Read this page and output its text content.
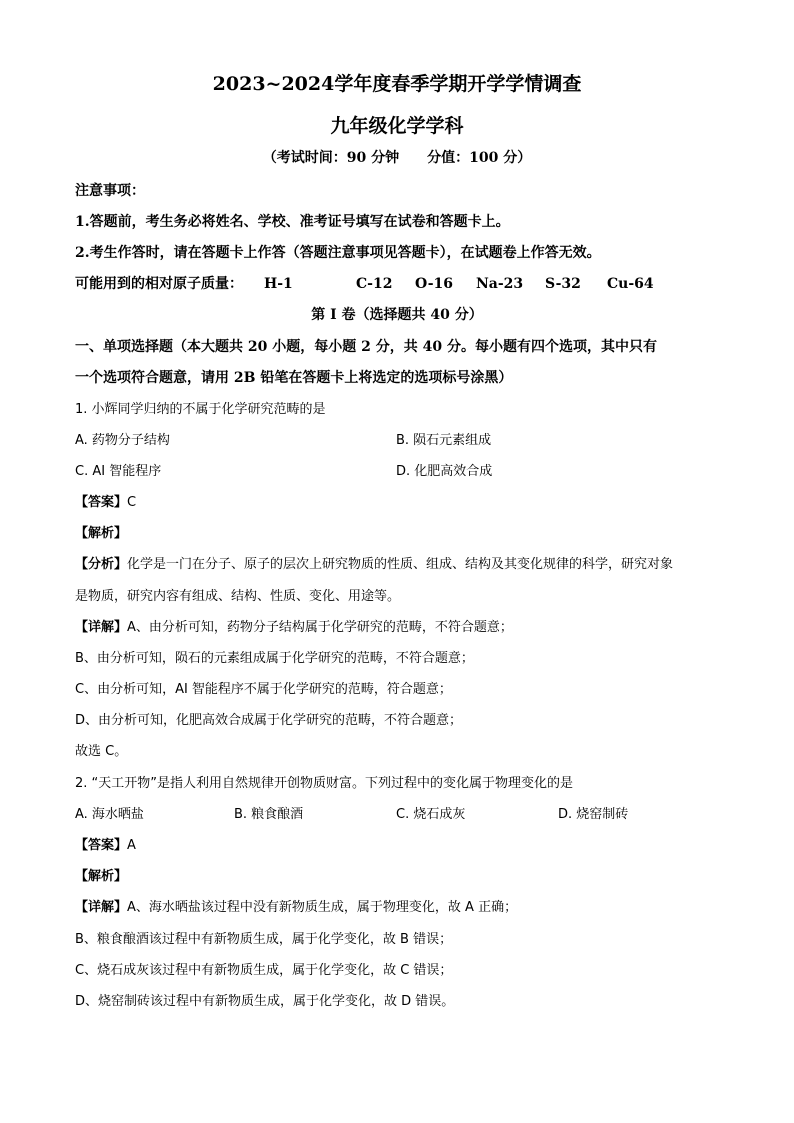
2023~2024学年度春季学期开学学情调查
九年级化学学科
（考试时间：90 分钟　　分值：100 分）
注意事项：
1.答题前，考生务必将姓名、学校、准考证号填写在试卷和答题卡上。
2.考生作答时，请在答题卡上作答（答题注意事项见答题卡），在试题卷上作答无效。
可能用到的相对原子质量： H-1	C-12 O-16 Na-23 S-32 Cu-64
第 I 卷（选择题共 40 分）
一、单项选择题（本大题共 20 小题，每小题 2 分，共 40 分。每小题有四个选项，其中只有
一个选项符合题意，请用 2B 铅笔在答题卡上将选定的选项标号涂黑）
1. 小辉同学归纳的不属于化学研究范畴的是
A. 药物分子结构	B. 陨石元素组成
C. AI 智能程序	D. 化肥高效合成
【答案】C
【解析】
【分析】化学是一门在分子、原子的层次上研究物质的性质、组成、结构及其变化规律的科学，研究对象
是物质，研究内容有组成、结构、性质、变化、用途等。
【详解】A、由分析可知，药物分子结构属于化学研究的范畴，不符合题意；
B、由分析可知，陨石的元素组成属于化学研究的范畴，不符合题意；
C、由分析可知，AI 智能程序不属于化学研究的范畴，符合题意；
D、由分析可知，化肥高效合成属于化学研究的范畴，不符合题意；
故选 C。
2. “天工开物”是指人利用自然规律开创物质财富。下列过程中的变化属于物理变化的是
A. 海水晒盐	B. 粮食酿酒	C. 烧石成灰	D. 烧窑制砖
【答案】A
【解析】
【详解】A、海水晒盐该过程中没有新物质生成，属于物理变化，故 A 正确；
B、粮食酿酒该过程中有新物质生成，属于化学变化，故 B 错误；
C、烧石成灰该过程中有新物质生成，属于化学变化，故 C 错误；
D、烧窑制砖该过程中有新物质生成，属于化学变化，故 D 错误。
